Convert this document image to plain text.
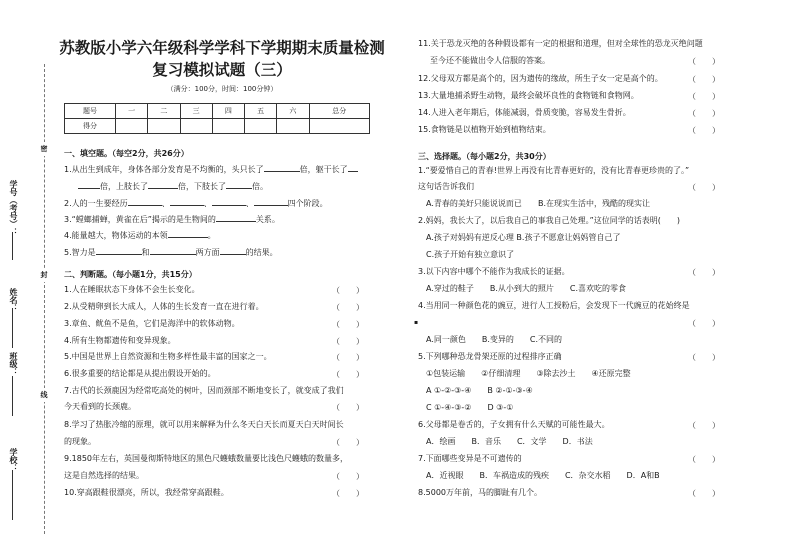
密
封
线
学号（考号）：
姓名：
班级：
学校：
苏教版小学六年级科学学科下学期期末质量检测
复习模拟试题（三）
（满分：100分，时间：100分钟）
题号	一	二	三	四	五	六	总分
得分							
一、填空题。（每空2分，共26分）
1.从出生到成年，身体各部分发育是不均衡的，头只长了	倍，躯干长了
倍，上肢长了	倍，下肢长了	倍。
2.人的一生要经历	、	、	、	四个阶段。
3.“螳螂捕蝉，黄雀在后”揭示的是生物间的	关系。
4.能量越大，物体运动的本领	。
5.智力是	和	两方面	的结果。
二、判断题。（每小题1分，共15分）
1.人在睡眠状态下身体不会生长变化。	（　　）
2.从受精卵到长大成人，人体的生长发育一直在进行着。	（　　）
3.章鱼、鱿鱼不是鱼，它们是海洋中的软体动物。	（　　）
4.所有生物都遗传和变异现象。	（　　）
5.中国是世界上自然资源和生物多样性最丰富的国家之一。	（　　）
6.很多重要的结论都是从提出假设开始的。	（　　）
7.古代的长颈鹿因为经常吃高处的树叶，因而颈部不断地变长了，就变成了我们
今天看到的长颈鹿。	（　　）
8.学习了热胀冷缩的原理，就可以用来解释为什么冬天白天长而夏天白天时间长
的现象。	（　　）
9.1850年左右，英国曼彻斯特地区的黑色尺蠖蛾数量要比浅色尺蠖蛾的数量多，
这是自然选择的结果。	（　　）
10.穿高跟鞋很漂亮，所以，我经常穿高跟鞋。	（　　）
11.关于恐龙灭绝的各种假设都有一定的根据和道理，但对全球性的恐龙灭绝问题
至今还不能做出令人信服的答案。	（　　）
12.父母双方都是高个的，因为遗传的缘故，所生子女一定是高个的。	（　　）
13.大量地捕杀野生动物，最终会破坏良性的食物链和食物网。	（　　）
14.人进入老年期后，体能减弱，骨质变脆，容易发生骨折。	（　　）
15.食物链是以植物开始到植物结束。	（　　）
三、选择题。（每小题2分，共30分）
1.“要爱惜自己的青春!世界上再没有比青春更好的，没有比青春更珍贵的了。”
这句话告诉我们	（　　）
A.青春的美好只能说说而已 B.在现实生活中，残酷的现实让
2.妈妈，我长大了，以后我自己的事我自己处理。”这位同学的话表明(　　)
A.孩子对妈妈有逆反心理 B.孩子不愿意让妈妈管自己了
C.孩子开始有独立意识了
3.以下内容中哪个不能作为我成长的证据。	（　　）
A.穿过的鞋子　　B.从小到大的照片　　C.喜欢吃的零食
4.当用同一种颜色花的豌豆，进行人工授粉后，会发现下一代豌豆的花始终是
▪	（　　）
A.同一颜色　　B.变异的　　C.不同的
5.下列哪种恐龙骨架还原的过程排序正确	（　　）
①包装运输　　②仔细清理　　③除去沙土　　④还原完整
A ①-②-③-④　　B ②-①-③-④
C ①-④-③-②　　D ③-①
6.父母都是卷舌的，子女拥有什么天赋的可能性最大。	（　　）
A．绘画　　B．音乐　　C．文学　　D．书法
7.下面哪些变异是不可遗传的	（　　）
A．近视眼　　B．车祸造成的残疾　　C．杂交水稻　　D．A和B
8.5000万年前，马的脚趾有几个。	（　　）
